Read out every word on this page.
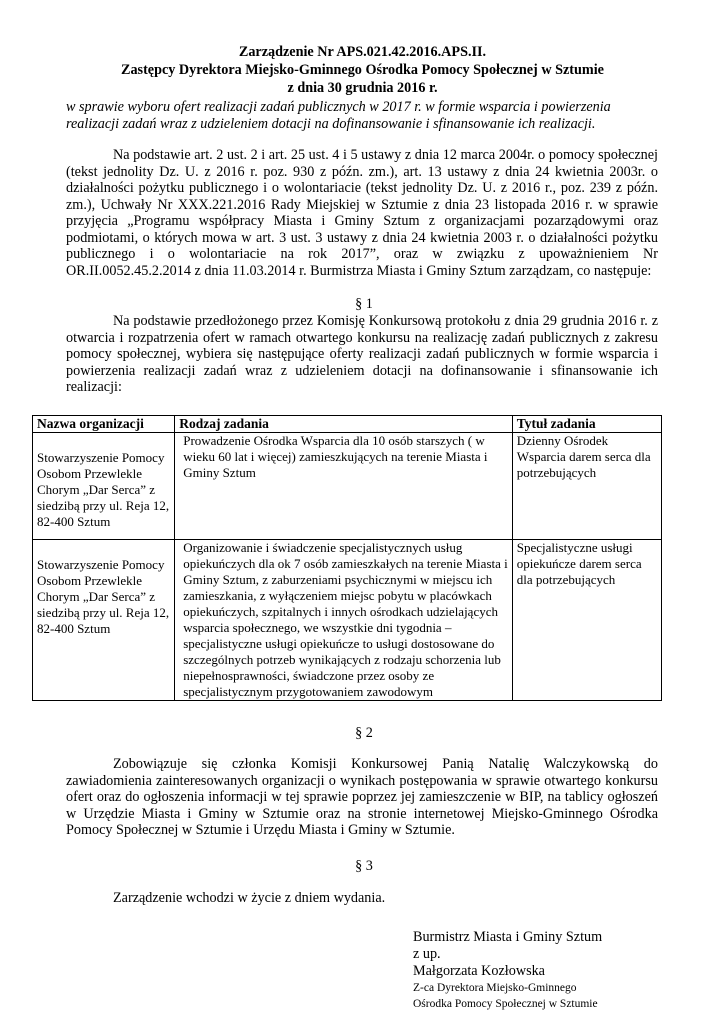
Zarządzenie Nr APS.021.42.2016.APS.II.
Zastępcy Dyrektora Miejsko-Gminnego Ośrodka Pomocy Społecznej w Sztumie
z dnia 30 grudnia 2016 r.
w sprawie wyboru ofert realizacji zadań publicznych w 2017 r. w formie wsparcia i powierzenia realizacji zadań wraz z udzieleniem dotacji na dofinansowanie i sfinansowanie ich realizacji.
Na podstawie art. 2 ust. 2 i art. 25 ust. 4 i 5 ustawy z dnia 12 marca 2004r. o pomocy społecznej (tekst jednolity Dz. U. z 2016 r. poz. 930 z późn. zm.), art. 13 ustawy z dnia 24 kwietnia 2003r. o działalności pożytku publicznego i o wolontariacie (tekst jednolity Dz. U. z 2016 r., poz. 239 z późn. zm.), Uchwały Nr XXX.221.2016 Rady Miejskiej w Sztumie z dnia 23 listopada 2016 r. w sprawie przyjęcia „Programu współpracy Miasta i Gminy Sztum z organizacjami pozarządowymi oraz podmiotami, o których mowa w art. 3 ust. 3 ustawy z dnia 24 kwietnia 2003 r. o działalności pożytku publicznego i o wolontariacie na rok 2017”, oraz w związku z upoważnieniem Nr OR.II.0052.45.2.2014 z dnia 11.03.2014 r. Burmistrza Miasta i Gminy Sztum zarządzam, co następuje:
§ 1
Na podstawie przedłożonego przez Komisję Konkursową protokołu z dnia 29 grudnia 2016 r. z otwarcia i rozpatrzenia ofert w ramach otwartego konkursu na realizację zadań publicznych z zakresu pomocy społecznej, wybiera się następujące oferty realizacji zadań publicznych w formie wsparcia i powierzenia realizacji zadań wraz z udzieleniem dotacji na dofinansowanie i sfinansowanie ich realizacji:
Nazwa organizacji	Rodzaj zadania	Tytuł zadania
Stowarzyszenie Pomocy Osobom Przewlekle Chorym „Dar Serca” z siedzibą przy ul. Reja 12, 82-400 Sztum	Prowadzenie Ośrodka Wsparcia dla 10 osób starszych ( w wieku 60 lat i więcej) zamieszkujących na terenie Miasta i Gminy Sztum	Dzienny Ośrodek Wsparcia darem serca dla potrzebujących
Stowarzyszenie Pomocy Osobom Przewlekle Chorym „Dar Serca” z siedzibą przy ul. Reja 12, 82-400 Sztum	Organizowanie i świadczenie specjalistycznych usług opiekuńczych dla ok 7 osób zamieszkałych na terenie Miasta i Gminy Sztum, z zaburzeniami psychicznymi w miejscu ich zamieszkania, z wyłączeniem miejsc pobytu w placówkach opiekuńczych, szpitalnych i innych ośrodkach udzielających wsparcia społecznego, we wszystkie dni tygodnia – specjalistyczne usługi opiekuńcze to usługi dostosowane do szczególnych potrzeb wynikających z rodzaju schorzenia lub niepełnosprawności, świadczone przez osoby ze specjalistycznym przygotowaniem zawodowym	Specjalistyczne usługi opiekuńcze darem serca dla potrzebujących
§ 2
Zobowiązuje się członka Komisji Konkursowej Panią Natalię Walczykowską do zawiadomienia zainteresowanych organizacji o wynikach postępowania w sprawie otwartego konkursu ofert oraz do ogłoszenia informacji w tej sprawie poprzez jej zamieszczenie w BIP, na tablicy ogłoszeń w Urzędzie Miasta i Gminy w Sztumie oraz na stronie internetowej Miejsko-Gminnego Ośrodka Pomocy Społecznej w Sztumie i Urzędu Miasta i Gminy w Sztumie.
§ 3
Zarządzenie wchodzi w życie z dniem wydania.
Burmistrz Miasta i Gminy Sztum
z up.
Małgorzata Kozłowska
Z-ca Dyrektora Miejsko-Gminnego
Ośrodka Pomocy Społecznej w Sztumie
